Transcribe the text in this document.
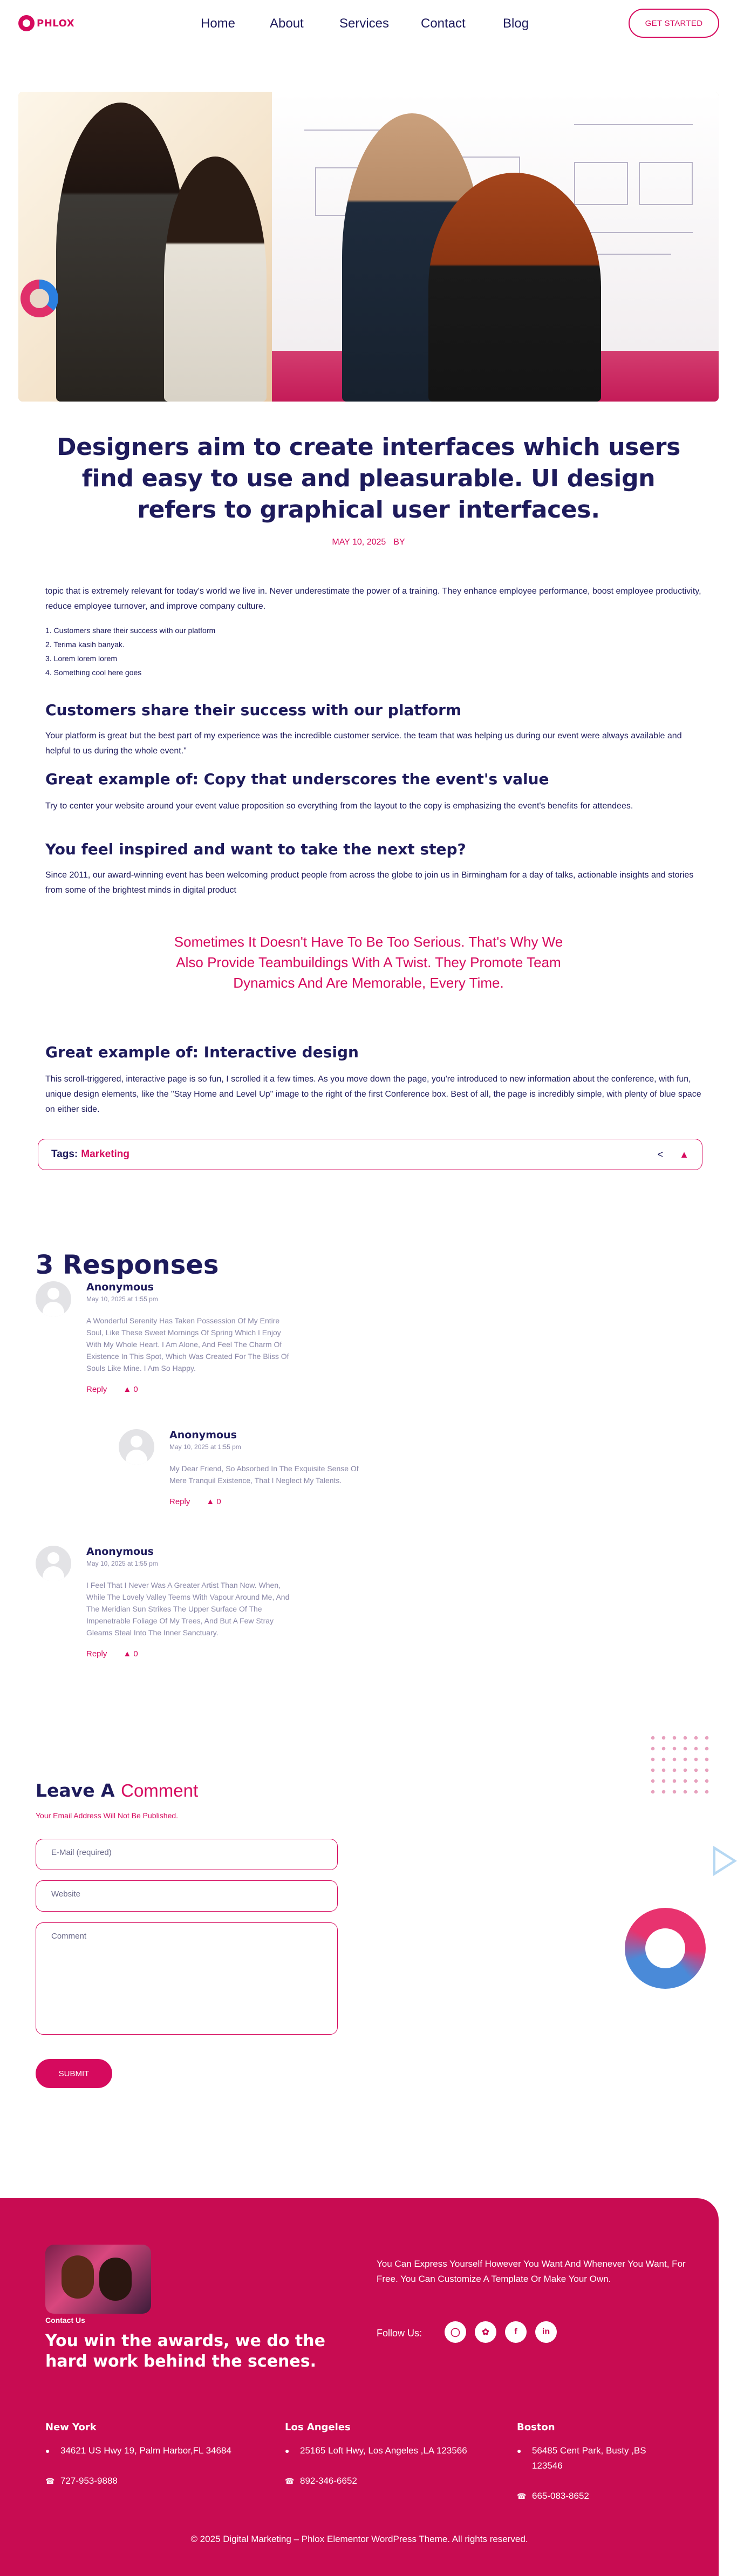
PHLOX	Home	About	Services Contact	Blog	GET STARTED
Designers aim to create interfaces which users find easy to use and pleasurable. UI design refers to graphical user interfaces.
MAY 10, 2025 BY

topic that is extremely relevant for today's world we live in. Never underestimate the power of a training. They enhance employee performance, boost employee productivity, reduce employee turnover, and improve company culture.

1. Customers share their success with our platform
2. Terima kasih banyak.
3. Lorem lorem lorem
4. Something cool here goes
Customers share their success with our platform

Your platform is great but the best part of my experience was the incredible customer service. the team that was helping us during our event were always available and helpful to us during the whole event."

Great example of: Copy that underscores the event's value

Try to center your website around your event value proposition so everything from the layout to the copy is emphasizing the event's benefits for attendees.

You feel inspired and want to take the next step?

Since 2011, our award-winning event has been welcoming product people from across the globe to join us in Birmingham for a day of talks, actionable insights and stories from some of the brightest minds in digital product

Sometimes It Doesn't Have To Be Too Serious. That's Why We Also Provide Teambuildings With A Twist. They Promote Team Dynamics And Are Memorable, Every Time.
Great example of: Interactive design

This scroll-triggered, interactive page is so fun, I scrolled it a few times. As you move down the page, you're introduced to new information about the conference, with fun, unique design elements, like the "Stay Home and Level Up" image to the right of the first Conference box. Best of all, the page is incredibly simple, with plenty of blue space on either side.

Tags: Marketing	< ▲
3 Responses
Anonymous
May 10, 2025 at 1:55 pm
A Wonderful Serenity Has Taken Possession Of My Entire Soul, Like These Sweet Mornings Of Spring Which I Enjoy With My Whole Heart. I Am Alone, And Feel The Charm Of Existence In This Spot, Which Was Created For The Bliss Of Souls Like Mine. I Am So Happy.
Reply ▲ 0
Anonymous
May 10, 2025 at 1:55 pm
My Dear Friend, So Absorbed In The Exquisite Sense Of Mere Tranquil Existence, That I Neglect My Talents.
Reply ▲ 0
Anonymous
May 10, 2025 at 1:55 pm
I Feel That I Never Was A Greater Artist Than Now. When, While The Lovely Valley Teems With Vapour Around Me, And The Meridian Sun Strikes The Upper Surface Of The Impenetrable Foliage Of My Trees, And But A Few Stray Gleams Steal Into The Inner Sanctuary.
Reply ▲ 0
Leave A Comment
Your Email Address Will Not Be Published.
E-Mail (required)
Website
Comment
SUBMIT
Contact Us
You win the awards, we do the hard work behind the scenes.
You Can Express Yourself However You Want And Whenever You Want, For Free. You Can Customize A Template Or Make Your Own.
Follow Us:	◯	✿	f	in
New York
●	34621 US Hwy 19, Palm Harbor,FL 34684
☎ 727-953-9888
Los Angeles
●	25165 Loft Hwy, Los Angeles ,LA 123566
☎ 892-346-6652
Boston
●	56485 Cent Park, Busty ,BS 123546
☎ 665-083-8652
© 2025 Digital Marketing – Phlox Elementor WordPress Theme. All rights reserved.
